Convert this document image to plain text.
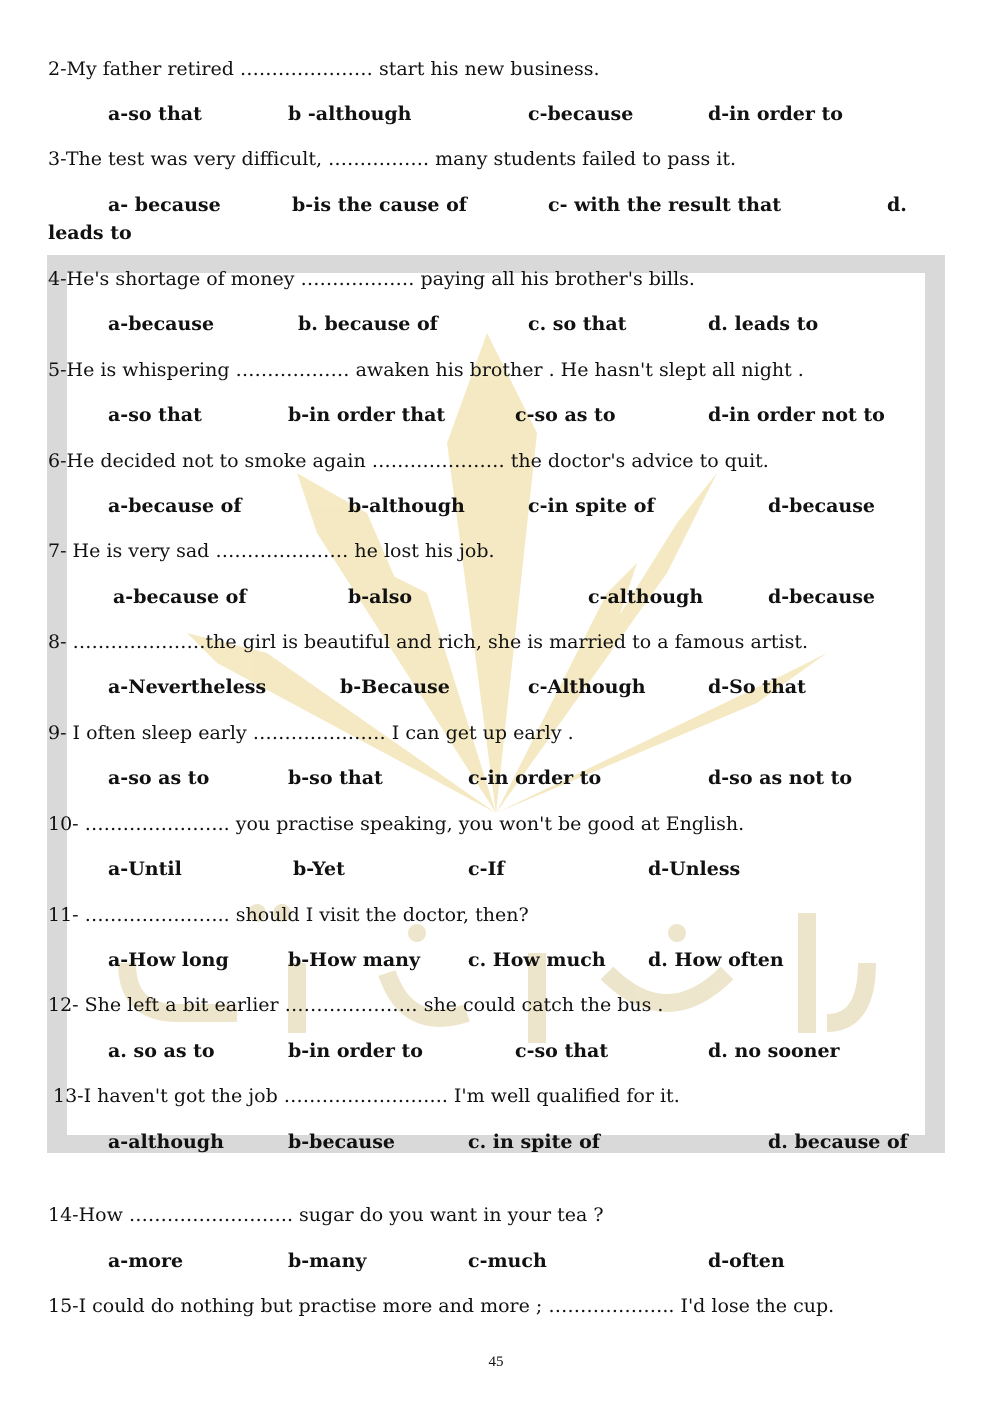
2-My father retired ………………… start his new business.
a-so that	b -although	c-because	d-in order to
3-The test was very difficult, ……………. many students failed to pass it.
a- because	b-is the cause of	c- with the result that	d.
leads to
4-He's shortage of money ……………… paying all his brother's bills.
a-because	b. because of	c. so that	d. leads to
5-He is whispering ……………… awaken his brother . He hasn't slept all night .
a-so that	b-in order that	c-so as to	d-in order not to
6-He decided not to smoke again ………………… the doctor's advice to quit.
a-because of	b-although	c-in spite of	d-because
7- He is very sad ………………… he lost his job.
a-because of	b-also	c-although	d-because
8- …………………the girl is beautiful and rich, she is married to a famous artist.
a-Nevertheless	b-Because	c-Although	d-So that
9- I often sleep early ………………… I can get up early .
a-so as to	b-so that	c-in order to	d-so as not to
10- ………………….. you practise speaking, you won't be good at English.
a-Until	b-Yet	c-If	d-Unless
11- ………………….. should I visit the doctor, then?
a-How long	b-How many	c. How much d. How often
12- She left a bit earlier ………………… she could catch the bus .
a. so as to	b-in order to	c-so that	d. no sooner
13-I haven't got the job …………………….. I'm well qualified for it.
a-although	b-because	c. in spite of	d. because of
14-How …………………….. sugar do you want in your tea ?
a-more	b-many	c-much	d-often
15-I could do nothing but practise more and more ; ……………….. I'd lose the cup.
45
